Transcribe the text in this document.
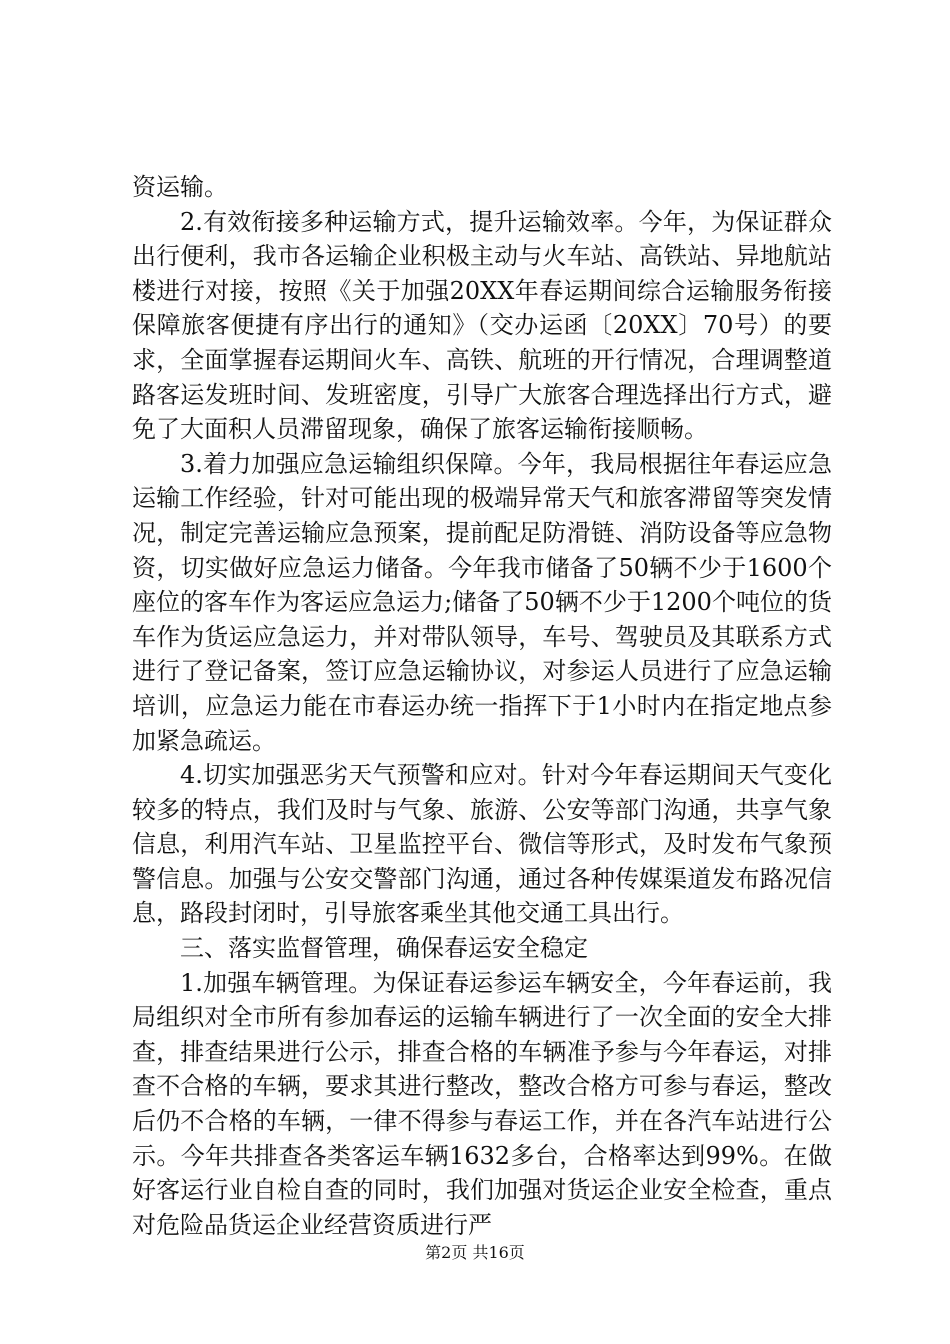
资运输。

2.有效衔接多种运输方式，提升运输效率。今年，为保证群众出行便利，我市各运输企业积极主动与火车站、高铁站、异地航站楼进行对接，按照《关于加强20XX年春运期间综合运输服务衔接保障旅客便捷有序出行的通知》（交办运函〔20XX〕70号）的要求，全面掌握春运期间火车、高铁、航班的开行情况，合理调整道路客运发班时间、发班密度，引导广大旅客合理选择出行方式，避免了大面积人员滞留现象，确保了旅客运输衔接顺畅。

3.着力加强应急运输组织保障。今年，我局根据往年春运应急运输工作经验，针对可能出现的极端异常天气和旅客滞留等突发情况，制定完善运输应急预案，提前配足防滑链、消防设备等应急物资，切实做好应急运力储备。今年我市储备了50辆不少于1600个座位的客车作为客运应急运力;储备了50辆不少于1200个吨位的货车作为货运应急运力，并对带队领导，车号、驾驶员及其联系方式进行了登记备案，签订应急运输协议，对参运人员进行了应急运输培训，应急运力能在市春运办统一指挥下于1小时内在指定地点参加紧急疏运。

4.切实加强恶劣天气预警和应对。针对今年春运期间天气变化较多的特点，我们及时与气象、旅游、公安等部门沟通，共享气象信息，利用汽车站、卫星监控平台、微信等形式，及时发布气象预警信息。加强与公安交警部门沟通，通过各种传媒渠道发布路况信息，路段封闭时，引导旅客乘坐其他交通工具出行。

三、落实监督管理，确保春运安全稳定

1.加强车辆管理。为保证春运参运车辆安全，今年春运前，我局组织对全市所有参加春运的运输车辆进行了一次全面的安全大排查，排查结果进行公示，排查合格的车辆准予参与今年春运，对排查不合格的车辆，要求其进行整改，整改合格方可参与春运，整改后仍不合格的车辆，一律不得参与春运工作，并在各汽车站进行公示。今年共排查各类客运车辆1632多台，合格率达到99%。在做好客运行业自检自查的同时，我们加强对货运企业安全检查，重点对危险品货运企业经营资质进行严

第2页 共16页
